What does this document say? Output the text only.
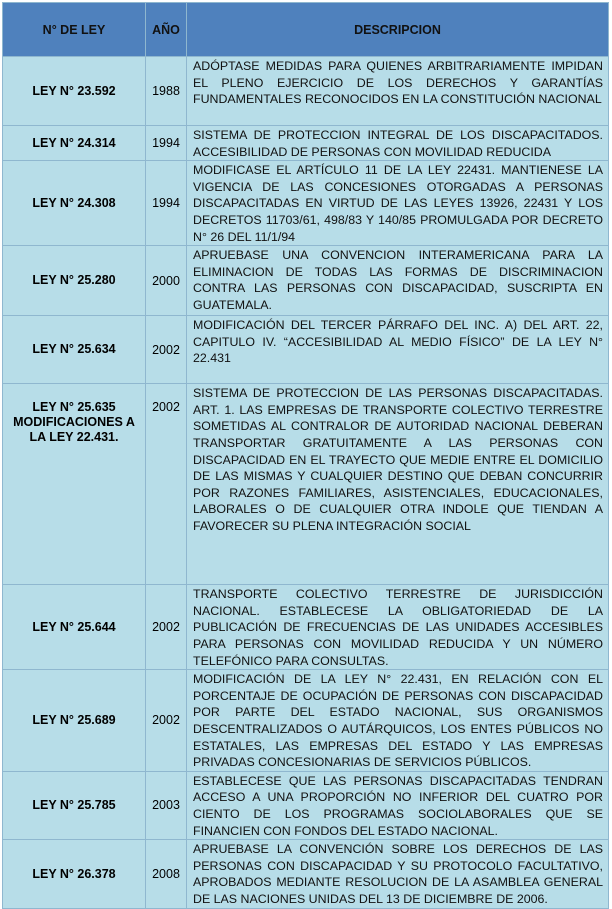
N° DE LEY	AÑO	DESCRIPCION
LEY N° 23.592	1988	ADÓPTASE MEDIDAS PARA QUIENES ARBITRARIAMENTE IMPIDAN EL PLENO EJERCICIO DE LOS DERECHOS Y GARANTÍAS FUNDAMENTALES RECONOCIDOS EN LA CONSTITUCIÓN NACIONAL

LEY N° 24.314	1994	SISTEMA DE PROTECCION INTEGRAL DE LOS DISCAPACITADOS. ACCESIBILIDAD DE PERSONAS CON MOVILIDAD REDUCIDA

LEY N° 24.308	1994	MODIFICASE EL ARTÍCULO 11 DE LA LEY 22431. MANTIENESE LA VIGENCIA DE LAS CONCESIONES OTORGADAS A PERSONAS DISCAPACITADAS EN VIRTUD DE LAS LEYES 13926, 22431 Y LOS DECRETOS 11703/61, 498/83 Y 140/85 PROMULGADA POR DECRETO N° 26 DEL 11/1/94

LEY N° 25.280	2000	APRUEBASE UNA CONVENCION INTERAMERICANA PARA LA ELIMINACION DE TODAS LAS FORMAS DE DISCRIMINACION CONTRA LAS PERSONAS CON DISCAPACIDAD, SUSCRIPTA EN GUATEMALA.

LEY N° 25.634	2002	MODIFICACIÓN DEL TERCER PÁRRAFO DEL INC. A) DEL ART. 22, CAPITULO IV. “ACCESIBILIDAD AL MEDIO FÍSICO” DE LA LEY N° 22.431

LEY N° 25.635
MODIFICACIONES A LA LEY 22.431.	2002	SISTEMA DE PROTECCION DE LAS PERSONAS DISCAPACITADAS. ART. 1. LAS EMPRESAS DE TRANSPORTE COLECTIVO TERRESTRE SOMETIDAS AL CONTRALOR DE AUTORIDAD NACIONAL DEBERAN TRANSPORTAR GRATUITAMENTE A LAS PERSONAS CON DISCAPACIDAD EN EL TRAYECTO QUE MEDIE ENTRE EL DOMICILIO DE LAS MISMAS Y CUALQUIER DESTINO QUE DEBAN CONCURRIR POR RAZONES FAMILIARES, ASISTENCIALES, EDUCACIONALES, LABORALES O DE CUALQUIER OTRA INDOLE QUE TIENDAN A FAVORECER SU PLENA INTEGRACIÓN SOCIAL

LEY N° 25.644	2002	TRANSPORTE COLECTIVO TERRESTRE DE JURISDICCIÓN NACIONAL. ESTABLECESE LA OBLIGATORIEDAD DE LA PUBLICACIÓN DE FRECUENCIAS DE LAS UNIDADES ACCESIBLES PARA PERSONAS CON MOVILIDAD REDUCIDA Y UN NÚMERO TELEFÓNICO PARA CONSULTAS.

LEY N° 25.689	2002	MODIFICACIÓN DE LA LEY N° 22.431, EN RELACIÓN CON EL PORCENTAJE DE OCUPACIÓN DE PERSONAS CON DISCAPACIDAD POR PARTE DEL ESTADO NACIONAL, SUS ORGANISMOS DESCENTRALIZADOS O AUTÁRQUICOS, LOS ENTES PÚBLICOS NO ESTATALES, LAS EMPRESAS DEL ESTADO Y LAS EMPRESAS PRIVADAS CONCESIONARIAS DE SERVICIOS PÚBLICOS.

LEY N° 25.785	2003	ESTABLECESE QUE LAS PERSONAS DISCAPACITADAS TENDRAN ACCESO A UNA PROPORCIÓN NO INFERIOR DEL CUATRO POR CIENTO DE LOS PROGRAMAS SOCIOLABORALES QUE SE FINANCIEN CON FONDOS DEL ESTADO NACIONAL.

LEY N° 26.378	2008	APRUEBASE LA CONVENCIÓN SOBRE LOS DERECHOS DE LAS PERSONAS CON DISCAPACIDAD Y SU PROTOCOLO FACULTATIVO, APROBADOS MEDIANTE RESOLUCION DE LA ASAMBLEA GENERAL DE LAS NACIONES UNIDAS DEL 13 DE DICIEMBRE DE 2006.
